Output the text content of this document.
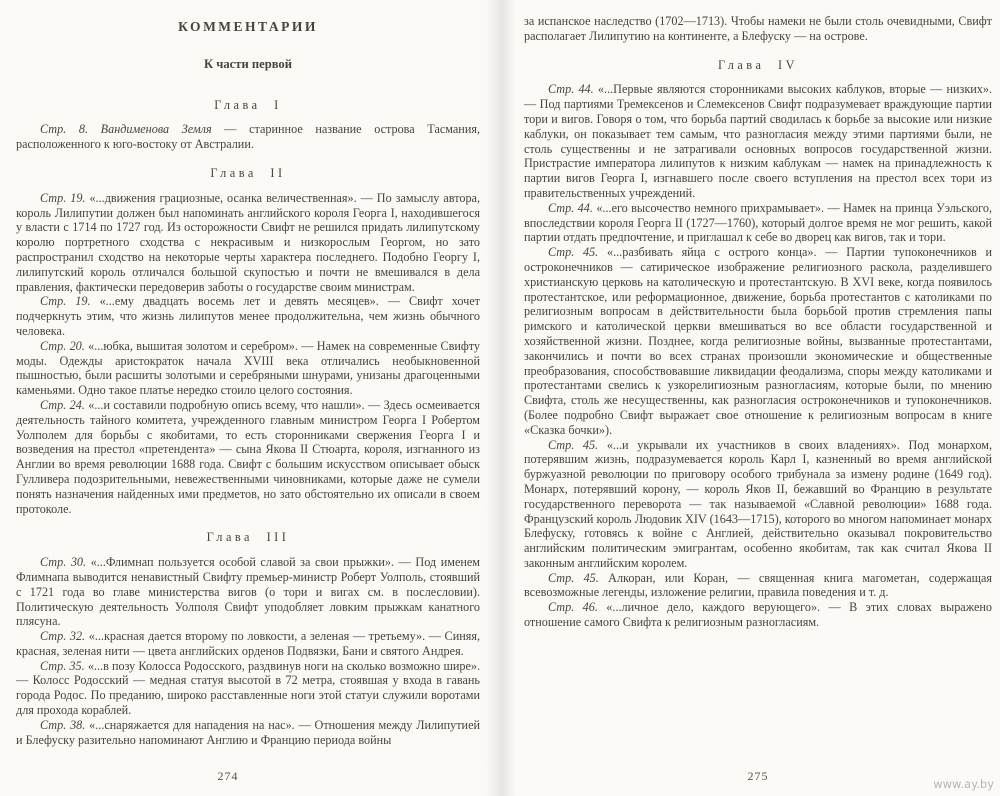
КОММЕНТАРИИ

К части первой

Глава I

Стр. 8. Вандименова Земля — старинное название острова Тасмания, расположенного к юго-востоку от Австралии.

Глава II

Стр. 19. «...движения грациозные, осанка величественная». — По замыслу автора, король Лилипутии должен был напоминать английского короля Георга I, находившегося у власти с 1714 по 1727 год. Из осторожности Свифт не решился придать лилипутскому королю портретного сходства с некрасивым и низкорослым Георгом, но зато распространил сходство на некоторые черты характера последнего. Подобно Георгу I, лилипутский король отличался большой скупостью и почти не вмешивался в дела правления, фактически передоверив заботы о государстве своим министрам.

Стр. 19. «...ему двадцать восемь лет и девять месяцев». — Свифт хочет подчеркнуть этим, что жизнь лилипутов менее продолжительна, чем жизнь обычного человека.

Стр. 20. «...юбка, вышитая золотом и серебром». — Намек на современные Свифту моды. Одежды аристократок начала XVIII века отличались необыкновенной пышностью, были расшиты золотыми и серебряными шнурами, унизаны драгоценными каменьями. Одно такое платье нередко стоило целого состояния.

Стр. 24. «...и составили подробную опись всему, что нашли». — Здесь осмеивается деятельность тайного комитета, учрежденного главным министром Георга I Робертом Уолполем для борьбы с якобитами, то есть сторонниками свержения Георга I и возведения на престол «претендента» — сына Якова II Стюарта, короля, изгнанного из Англии во время революции 1688 года. Свифт с большим искусством описывает обыск Гулливера подозрительными, невежественными чиновниками, которые даже не сумели понять назначения найденных ими предметов, но зато обстоятельно их описали в своем протоколе.

Глава III

Стр. 30. «...Флимнап пользуется особой славой за свои прыжки». — Под именем Флимнапа выводится ненавистный Свифту премьер-министр Роберт Уолполь, стоявший с 1721 года во главе министерства вигов (о тори и вигах см. в послесловии). Политическую деятельность Уолполя Свифт уподобляет ловким прыжкам канатного плясуна.

Стр. 32. «...красная дается второму по ловкости, а зеленая — третьему». — Синяя, красная, зеленая нити — цвета английских орденов Подвязки, Бани и святого Андрея.

Стр. 35. «...в позу Колосса Родосского, раздвинув ноги на сколько возможно шире». — Колосс Родосский — медная статуя высотой в 72 метра, стоявшая у входа в гавань города Родос. По преданию, широко расставленные ноги этой статуи служили воротами для прохода кораблей.

Стр. 38. «...снаряжается для нападения на нас». — Отношения между Лилипутией и Блефуску разительно напоминают Англию и Францию периода войны

274

за испанское наследство (1702—1713). Чтобы намеки не были столь очевидными, Свифт располагает Лилипутию на континенте, а Блефуску — на острове.

Глава IV

Стр. 44. «...Первые являются сторонниками высоких каблуков, вторые — низких». — Под партиями Тремексенов и Слемексенов Свифт подразумевает враждующие партии тори и вигов. Говоря о том, что борьба партий сводилась к борьбе за высокие или низкие каблуки, он показывает тем самым, что разногласия между этими партиями были, не столь существенны и не затрагивали основных вопросов государственной жизни. Пристрастие императора лилипутов к низким каблукам — намек на принадлежность к партии вигов Георга I, изгнавшего после своего вступления на престол всех тори из правительственных учреждений.

Стр. 44. «...его высочество немного прихрамывает». — Намек на принца Уэльского, впоследствии короля Георга II (1727—1760), который долгое время не мог решить, какой партии отдать предпочтение, и приглашал к себе во дворец как вигов, так и тори.

Стр. 45. «...разбивать яйца с острого конца». — Партии тупоконечников и остроконечников — сатирическое изображение религиозного раскола, разделившего христианскую церковь на католическую и протестантскую. В XVI веке, когда появилось протестантское, или реформационное, движение, борьба протестантов с католиками по религиозным вопросам в действительности была борьбой против стремления папы римского и католической церкви вмешиваться во все области государственной и хозяйственной жизни. Позднее, когда религиозные войны, вызванные протестантами, закончились и почти во всех странах произошли экономические и общественные преобразования, способствовавшие ликвидации феодализма, споры между католиками и протестантами свелись к узкорелигиозным разногласиям, которые были, по мнению Свифта, столь же несущественны, как разногласия остроконечников и тупоконечников. (Более подробно Свифт выражает свое отношение к религиозным вопросам в книге «Сказка бочки»).

Стр. 45. «...и укрывали их участников в своих владениях». Под монархом, потерявшим жизнь, подразумевается король Карл I, казненный во время английской буржуазной революции по приговору особого трибунала за измену родине (1649 год). Монарх, потерявший корону, — король Яков II, бежавший во Францию в результате государственного переворота — так называемой «Славной революции» 1688 года. Французский король Людовик XIV (1643—1715), которого во многом напоминает монарх Блефуску, готовясь к войне с Англией, действительно оказывал покровительство английским политическим эмигрантам, особенно якобитам, так как считал Якова II законным английским королем.

Стр. 45. Алкоран, или Коран, — священная книга магометан, содержащая всевозможные легенды, изложение религии, правила поведения и т. д.

Стр. 46. «...личное дело, каждого верующего». — В этих словах выражено отношение самого Свифта к религиозным разногласиям.

275
www.ay.by
